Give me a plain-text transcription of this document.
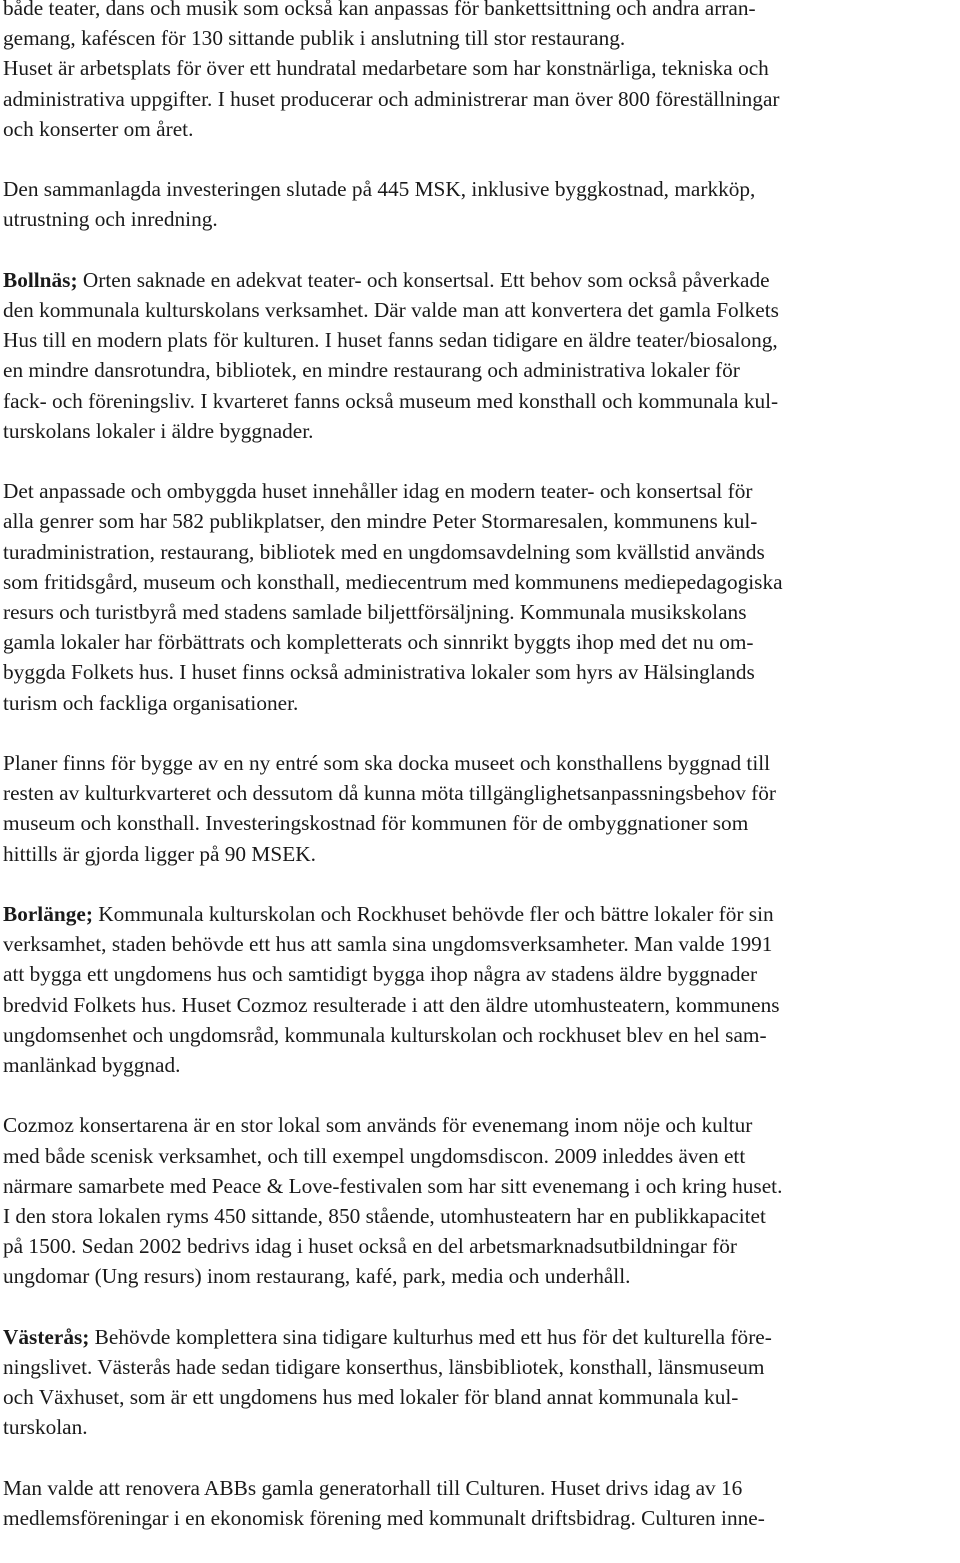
både teater, dans och musik som också kan anpassas för bankettsittning och andra arran-
gemang, kaféscen för 130 sittande publik i anslutning till stor restaurang.
Huset är arbetsplats för över ett hundratal medarbetare som har konstnärliga, tekniska och
administrativa uppgifter. I huset producerar och administrerar man över 800 föreställningar
och konserter om året.

Den sammanlagda investeringen slutade på 445 MSK, inklusive byggkostnad, markköp,
utrustning och inredning.

Bollnäs; Orten saknade en adekvat teater- och konsertsal. Ett behov som också påverkade
den kommunala kulturskolans verksamhet. Där valde man att konvertera det gamla Folkets
Hus till en modern plats för kulturen. I huset fanns sedan tidigare en äldre teater/biosalong,
en mindre dansrotundra, bibliotek, en mindre restaurang och administrativa lokaler för
fack- och föreningsliv. I kvarteret fanns också museum med konsthall och kommunala kul-
turskolans lokaler i äldre byggnader.

Det anpassade och ombyggda huset innehåller idag en modern teater- och konsertsal för
alla genrer som har 582 publikplatser, den mindre Peter Stormaresalen, kommunens kul-
turadministration, restaurang, bibliotek med en ungdomsavdelning som kvällstid används
som fritidsgård, museum och konsthall, mediecentrum med kommunens mediepedagogiska
resurs och turistbyrå med stadens samlade biljettförsäljning. Kommunala musikskolans
gamla lokaler har förbättrats och kompletterats och sinnrikt byggts ihop med det nu om-
byggda Folkets hus. I huset finns också administrativa lokaler som hyrs av Hälsinglands
turism och fackliga organisationer.

Planer finns för bygge av en ny entré som ska docka museet och konsthallens byggnad till
resten av kulturkvarteret och dessutom då kunna möta tillgänglighetsanpassningsbehov för
museum och konsthall. Investeringskostnad för kommunen för de ombyggnationer som
hittills är gjorda ligger på 90 MSEK.

Borlänge; Kommunala kulturskolan och Rockhuset behövde fler och bättre lokaler för sin
verksamhet, staden behövde ett hus att samla sina ungdomsverksamheter. Man valde 1991
att bygga ett ungdomens hus och samtidigt bygga ihop några av stadens äldre byggnader
bredvid Folkets hus. Huset Cozmoz resulterade i att den äldre utomhusteatern, kommunens
ungdomsenhet och ungdomsråd, kommunala kulturskolan och rockhuset blev en hel sam-
manlänkad byggnad.

Cozmoz konsertarena är en stor lokal som används för evenemang inom nöje och kultur
med både scenisk verksamhet, och till exempel ungdomsdiscon. 2009 inleddes även ett
närmare samarbete med Peace & Love-festivalen som har sitt evenemang i och kring huset.
I den stora lokalen ryms 450 sittande, 850 stående, utomhusteatern har en publikkapacitet
på 1500. Sedan 2002 bedrivs idag i huset också en del arbetsmarknadsutbildningar för
ungdomar (Ung resurs) inom restaurang, kafé, park, media och underhåll.

Västerås; Behövde komplettera sina tidigare kulturhus med ett hus för det kulturella före-
ningslivet. Västerås hade sedan tidigare konserthus, länsbibliotek, konsthall, länsmuseum
och Växhuset, som är ett ungdomens hus med lokaler för bland annat kommunala kul-
turskolan.

Man valde att renovera ABBs gamla generatorhall till Culturen. Huset drivs idag av 16
medlemsföreningar i en ekonomisk förening med kommunalt driftsbidrag. Culturen inne-
